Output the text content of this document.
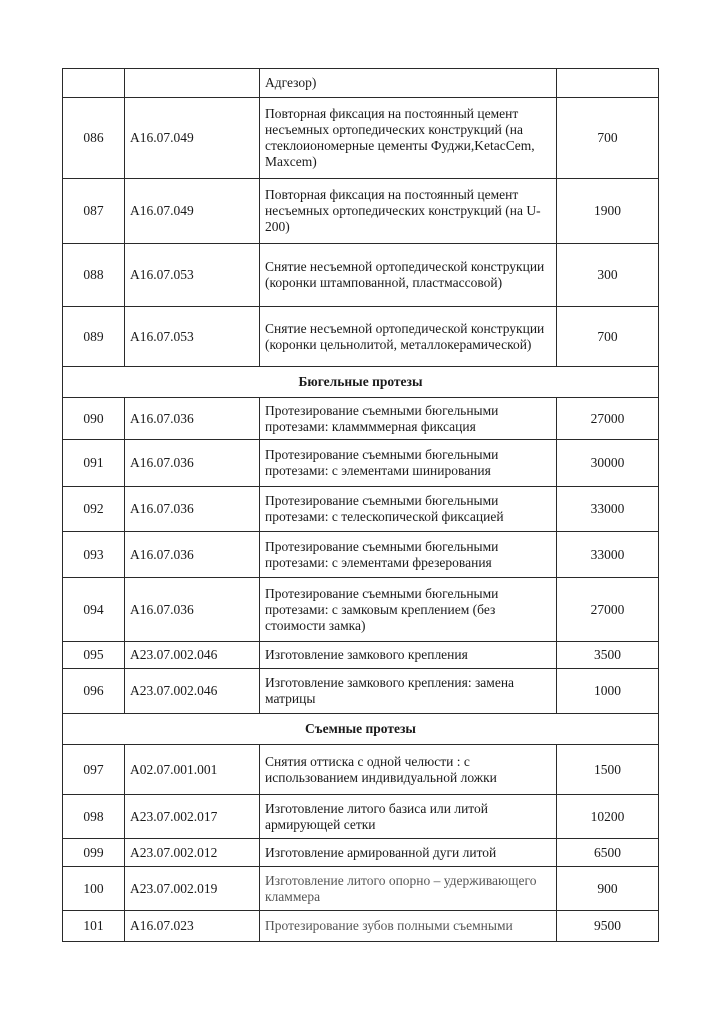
		Адгезор)	
086	А16.07.049	Повторная фиксация на постоянный цемент несъемных ортопедических конструкций (на стеклоиономерные цементы Фуджи,KetacCem, Maxcem)	700
087	А16.07.049	Повторная фиксация на постоянный цемент несъемных ортопедических конструкций (на U-200)	1900
088	А16.07.053	Снятие несъемной ортопедической конструкции (коронки штампованной, пластмассовой)	300
089	А16.07.053	Снятие несъемной ортопедической конструкции (коронки цельнолитой, металлокерамической)	700
Бюгельные протезы			
090	А16.07.036	Протезирование съемными бюгельными протезами: кламмммерная фиксация	27000
091	А16.07.036	Протезирование съемными бюгельными протезами: с элементами шинирования	30000
092	А16.07.036	Протезирование съемными бюгельными протезами: с телескопической фиксацией	33000
093	А16.07.036	Протезирование съемными бюгельными протезами: с элементами фрезерования	33000
094	А16.07.036	Протезирование съемными бюгельными протезами: с замковым креплением (без стоимости замка)	27000
095	А23.07.002.046	Изготовление замкового крепления	3500
096	А23.07.002.046	Изготовление замкового крепления: замена матрицы	1000
Съемные протезы			
097	А02.07.001.001	Снятия оттиска с одной челюсти : с использованием индивидуальной ложки	1500
098	А23.07.002.017	Изготовление литого базиса или литой армирующей сетки	10200
099	А23.07.002.012	Изготовление армированной дуги литой	6500
100	А23.07.002.019	Изготовление литого опорно – удерживающего кламмера	900
101	А16.07.023	Протезирование зубов полными съемными	9500
